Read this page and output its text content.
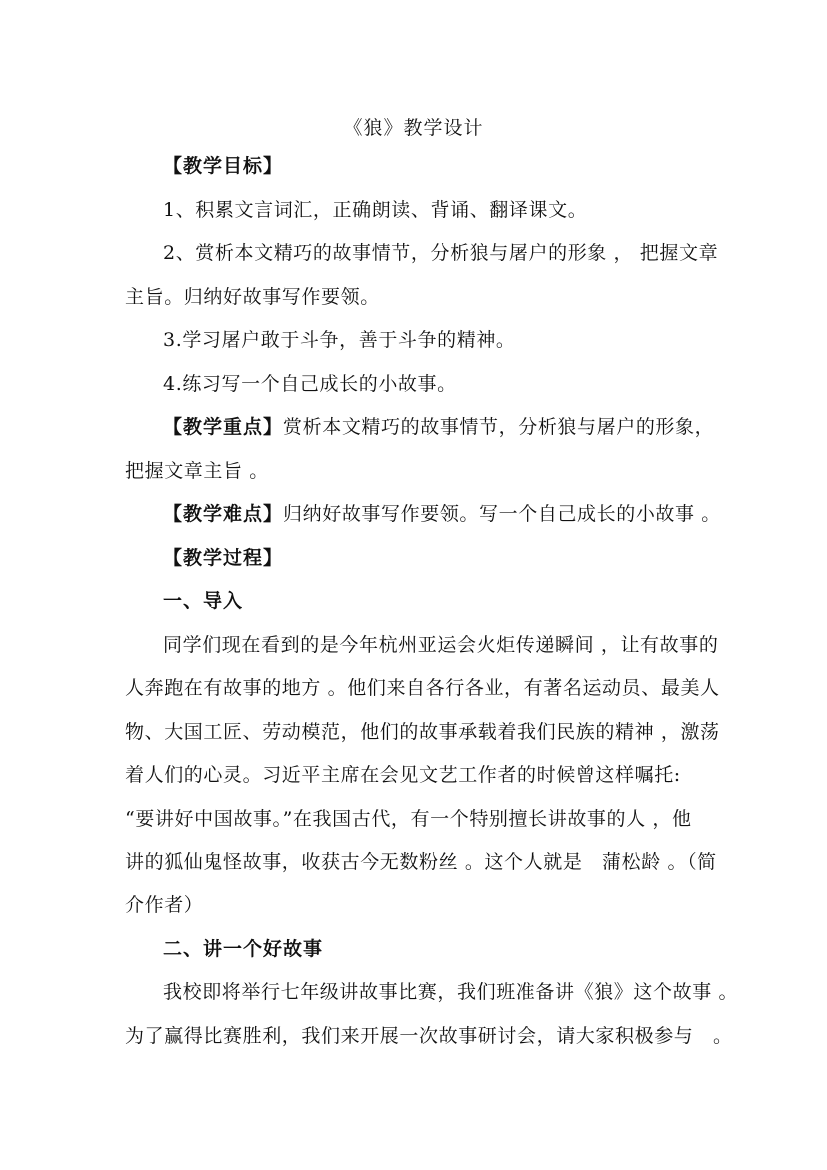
《狼》教学设计
【教学目标】
1、积累文言词汇，正确朗读、背诵、翻译课文。
2、赏析本文精巧的故事情节，分析狼与屠户的形象 ， 把握文章
主旨。归纳好故事写作要领。
3.学习屠户敢于斗争，善于斗争的精神。
4.练习写一个自己成长的小故事。
【教学重点】赏析本文精巧的故事情节，分析狼与屠户的形象，
把握文章主旨 。
【教学难点】归纳好故事写作要领。写一个自己成长的小故事 。
【教学过程】
一、导入
同学们现在看到的是今年杭州亚运会火炬传递瞬间 ，让有故事的
人奔跑在有故事的地方 。他们来自各行各业，有著名运动员、最美人
物、大国工匠、劳动模范，他们的故事承载着我们民族的精神 ，激荡
着人们的心灵。习近平主席在会见文艺工作者的时候曾这样嘱托:
“要讲好中国故事。”在我国古代，有一个特别擅长讲故事的人 ，他
讲的狐仙鬼怪故事，收获古今无数粉丝 。这个人就是　蒲松龄 。（简
介作者）
二、讲一个好故事
我校即将举行七年级讲故事比赛，我们班准备讲《狼》这个故事 。
为了赢得比赛胜利，我们来开展一次故事研讨会，请大家积极参与　。
